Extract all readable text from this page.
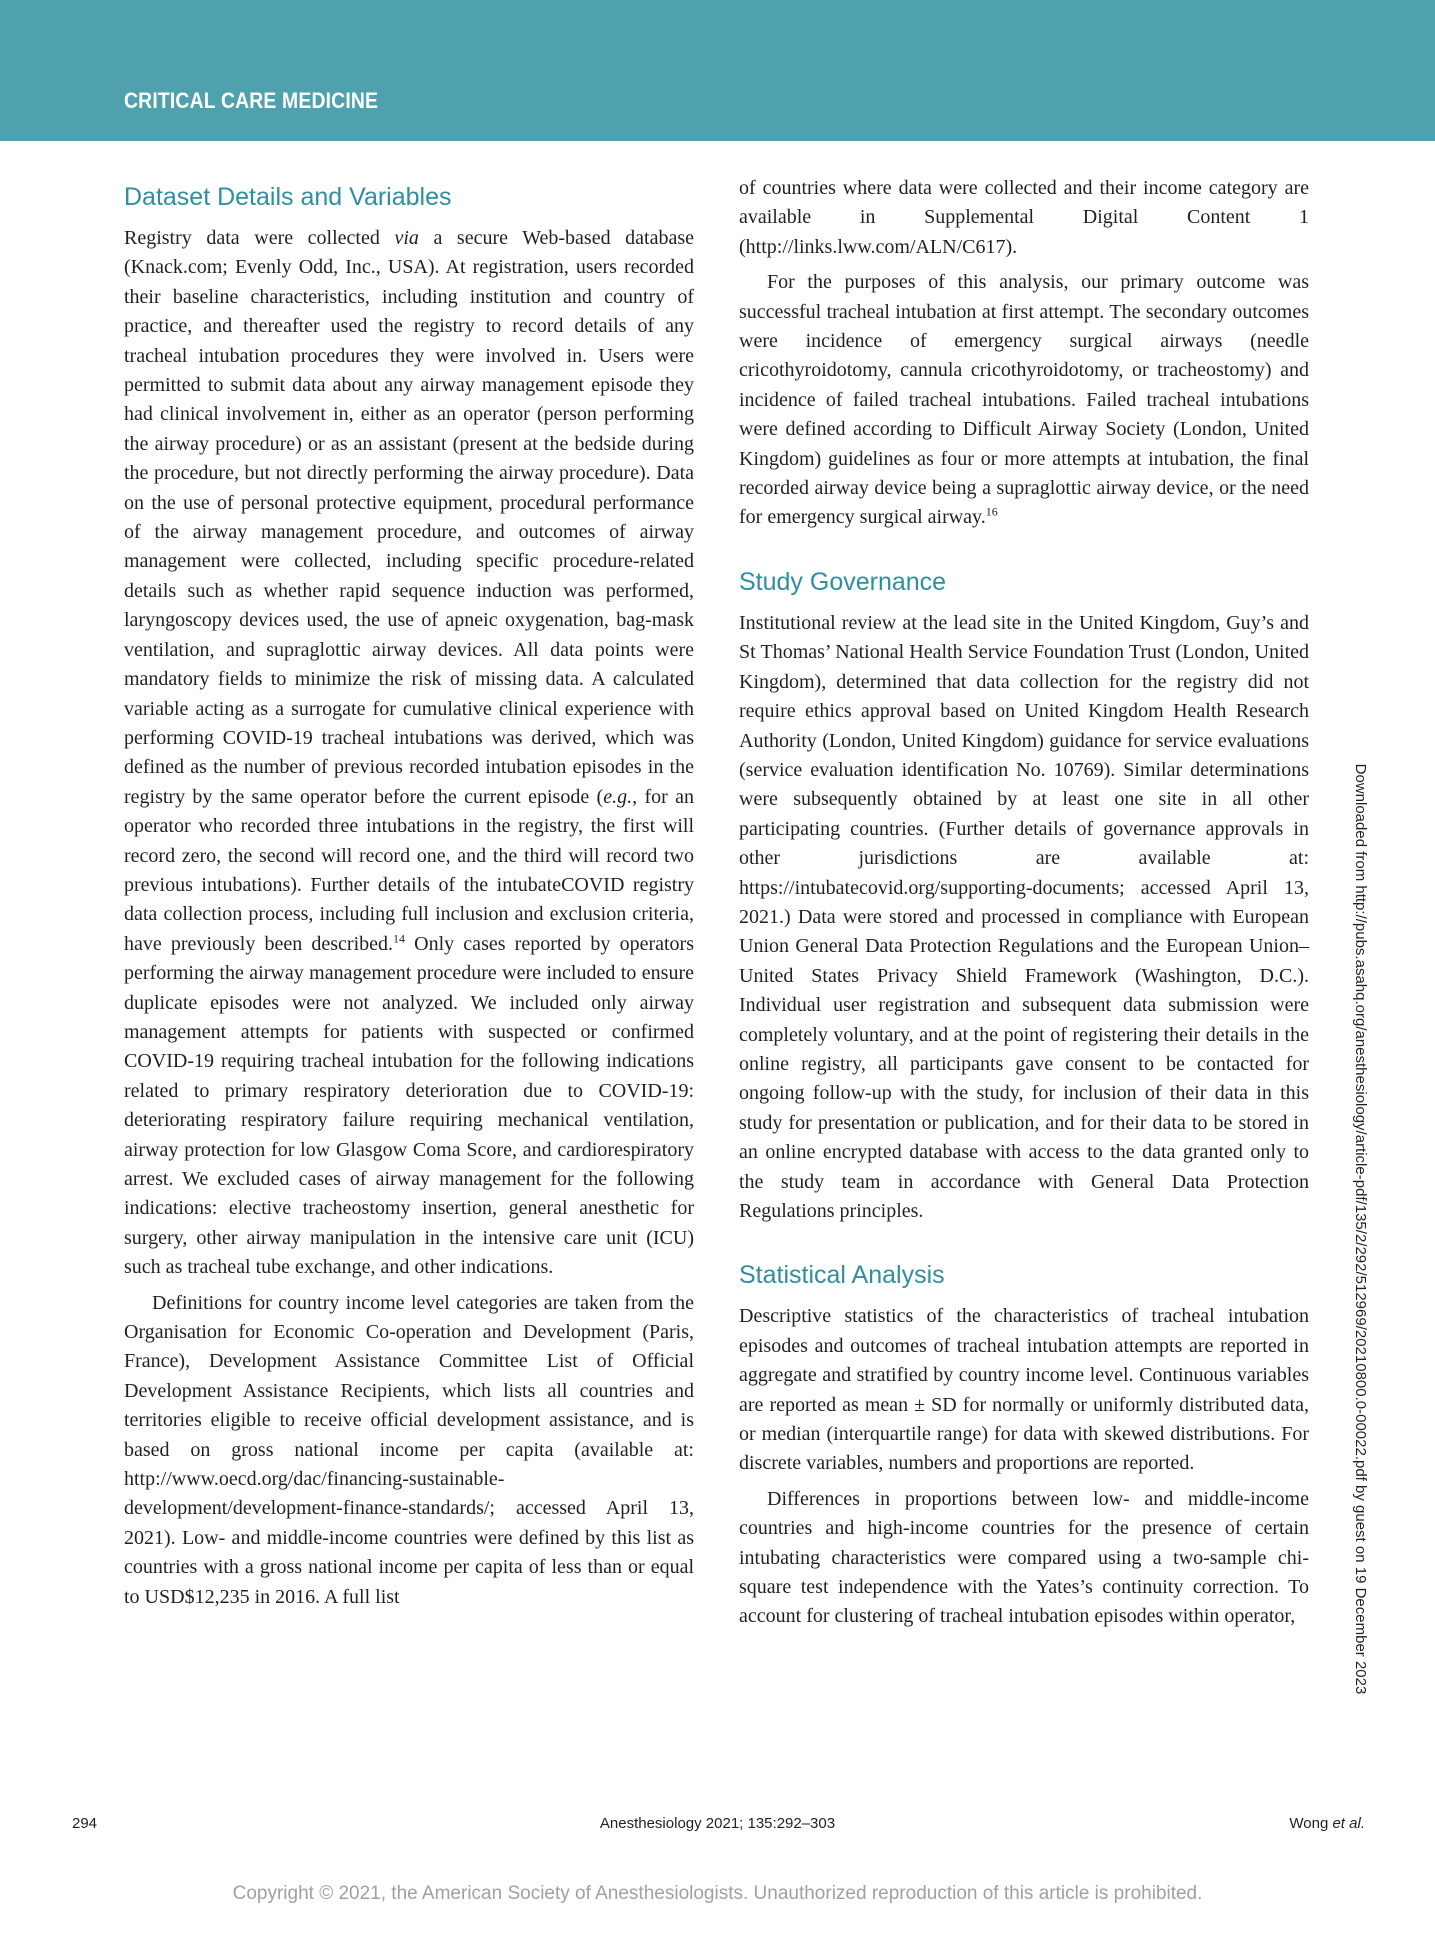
CRITICAL CARE MEDICINE
Dataset Details and Variables

Registry data were collected via a secure Web-based database (Knack.com; Evenly Odd, Inc., USA). At registration, users recorded their baseline characteristics, including institution and country of practice, and thereafter used the registry to record details of any tracheal intubation procedures they were involved in. Users were permitted to submit data about any airway management episode they had clinical involvement in, either as an operator (person performing the airway procedure) or as an assistant (present at the bedside during the procedure, but not directly performing the airway procedure). Data on the use of personal protective equipment, procedural performance of the airway management procedure, and outcomes of airway management were collected, including specific procedure-related details such as whether rapid sequence induction was performed, laryngoscopy devices used, the use of apneic oxygenation, bag-mask ventilation, and supraglottic airway devices. All data points were mandatory fields to minimize the risk of missing data. A calculated variable acting as a surrogate for cumulative clinical experience with performing COVID-19 tracheal intubations was derived, which was defined as the number of previous recorded intubation episodes in the registry by the same operator before the current episode (e.g., for an operator who recorded three intubations in the registry, the first will record zero, the second will record one, and the third will record two previous intubations). Further details of the intubateCOVID registry data collection process, including full inclusion and exclusion criteria, have previously been described.$^{14}$ Only cases reported by operators performing the airway management procedure were included to ensure duplicate episodes were not analyzed. We included only airway management attempts for patients with suspected or confirmed COVID-19 requiring tracheal intubation for the following indications related to primary respiratory deterioration due to COVID-19: deteriorating respiratory failure requiring mechanical ventilation, airway protection for low Glasgow Coma Score, and cardiorespiratory arrest. We excluded cases of airway management for the following indications: elective tracheostomy insertion, general anesthetic for surgery, other airway manipulation in the intensive care unit (ICU) such as tracheal tube exchange, and other indications.

Definitions for country income level categories are taken from the Organisation for Economic Co-operation and Development (Paris, France), Development Assistance Committee List of Official Development Assistance Recipients, which lists all countries and territories eligible to receive official development assistance, and is based on gross national income per capita (available at: http://www.oecd.org/dac/financing-sustainable-development/development-finance-standards/; accessed April 13, 2021). Low- and middle-income countries were defined by this list as countries with a gross national income per capita of less than or equal to USD$12,235 in 2016. A full list

of countries where data were collected and their income category are available in Supplemental Digital Content 1 (http://links.lww.com/ALN/C617).

For the purposes of this analysis, our primary outcome was successful tracheal intubation at first attempt. The secondary outcomes were incidence of emergency surgical airways (needle cricothyroidotomy, cannula cricothyroidotomy, or tracheostomy) and incidence of failed tracheal intubations. Failed tracheal intubations were defined according to Difficult Airway Society (London, United Kingdom) guidelines as four or more attempts at intubation, the final recorded airway device being a supraglottic airway device, or the need for emergency surgical airway.$^{16}$

Study Governance

Institutional review at the lead site in the United Kingdom, Guy’s and St Thomas’ National Health Service Foundation Trust (London, United Kingdom), determined that data collection for the registry did not require ethics approval based on United Kingdom Health Research Authority (London, United Kingdom) guidance for service evaluations (service evaluation identification No. 10769). Similar determinations were subsequently obtained by at least one site in all other participating countries. (Further details of governance approvals in other jurisdictions are available at: https://intubatecovid.org/supporting-documents; accessed April 13, 2021.) Data were stored and processed in compliance with European Union General Data Protection Regulations and the European Union–United States Privacy Shield Framework (Washington, D.C.). Individual user registration and subsequent data submission were completely voluntary, and at the point of registering their details in the online registry, all participants gave consent to be contacted for ongoing follow-up with the study, for inclusion of their data in this study for presentation or publication, and for their data to be stored in an online encrypted database with access to the data granted only to the study team in accordance with General Data Protection Regulations principles.

Statistical Analysis

Descriptive statistics of the characteristics of tracheal intubation episodes and outcomes of tracheal intubation attempts are reported in aggregate and stratified by country income level. Continuous variables are reported as mean ± SD for normally or uniformly distributed data, or median (interquartile range) for data with skewed distributions. For discrete variables, numbers and proportions are reported.

Differences in proportions between low- and middle-income countries and high-income countries for the presence of certain intubating characteristics were compared using a two-sample chi-square test independence with the Yates’s continuity correction. To account for clustering of tracheal intubation episodes within operator,	Downloaded from http://pubs.asahq.org/anesthesiology/article-pdf/135/2/292/512969/20210800.0-00022.pdf by guest on 19 December 2023
294	Anesthesiology 2021; 135:292–303	Wong et al.
Copyright © 2021, the American Society of Anesthesiologists. Unauthorized reproduction of this article is prohibited.
